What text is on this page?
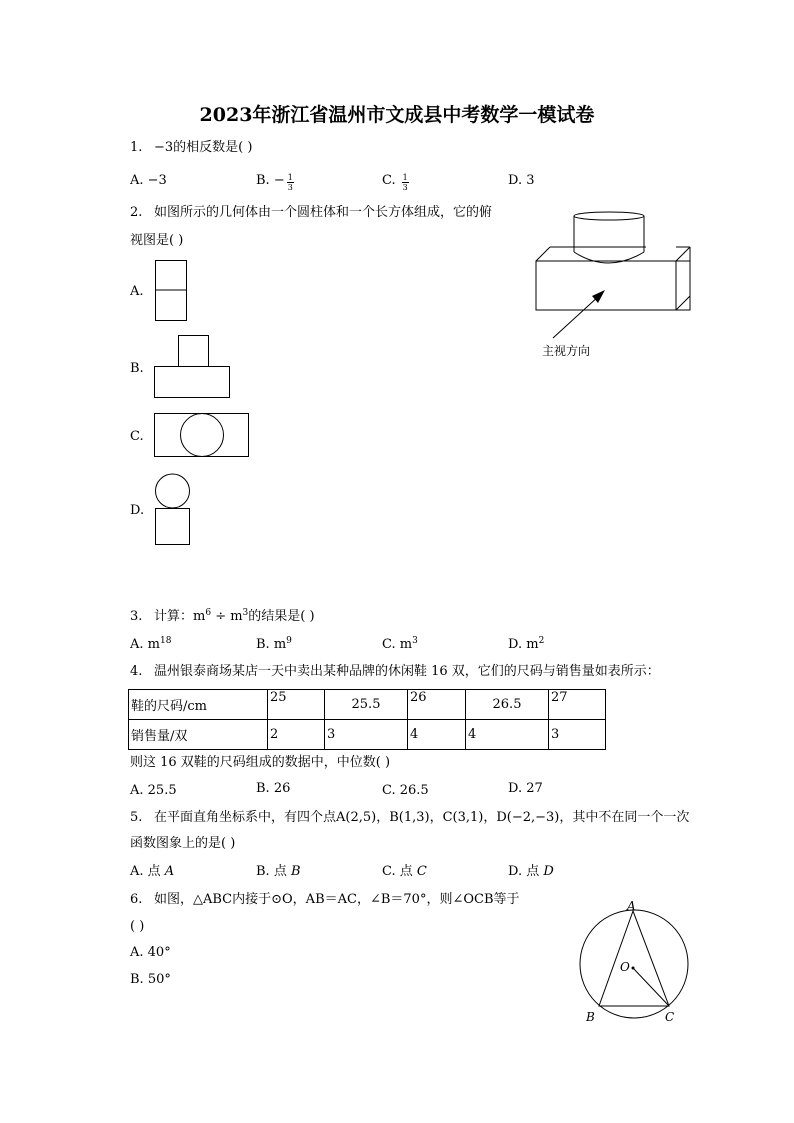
2023年浙江省温州市文成县中考数学一模试卷
1. −3的相反数是( )
A. −3	B. − $\frac{1}{3}$	C. $\frac{1}{3}$	D. 3
2. 如图所示的几何体由一个圆柱体和一个长方体组成，它的俯
视图是( )
A.
B.
C.
D.
主视方向
3. 计算：$m^6 \div m^3$的结果是( )
A. $m^{18}$	B. $m^9$	C. $m^3$	D. $m^2$
4. 温州银泰商场某店一天中卖出某种品牌的休闲鞋 16 双，它们的尺码与销售量如表所示：
鞋的尺码/cm	25	25.5	26	26.5	27
销售量/双	2	3	4	4	3
则这 16 双鞋的尺码组成的数据中，中位数( )
A. 25.5	B. 26	C. 26.5	D. 27
5. 在平面直角坐标系中，有四个点A(2,5)，B(1,3)，C(3,1)，D(−2,−3)，其中不在同一个一次
函数图象上的是( )
A. 点 A	B. 点 B	C. 点 C	D. 点 D
6. 如图，△ABC内接于⊙O，AB＝AC，∠B＝70°，则∠OCB等于
( )
A. 40°
B. 50°
A
O
B	C
